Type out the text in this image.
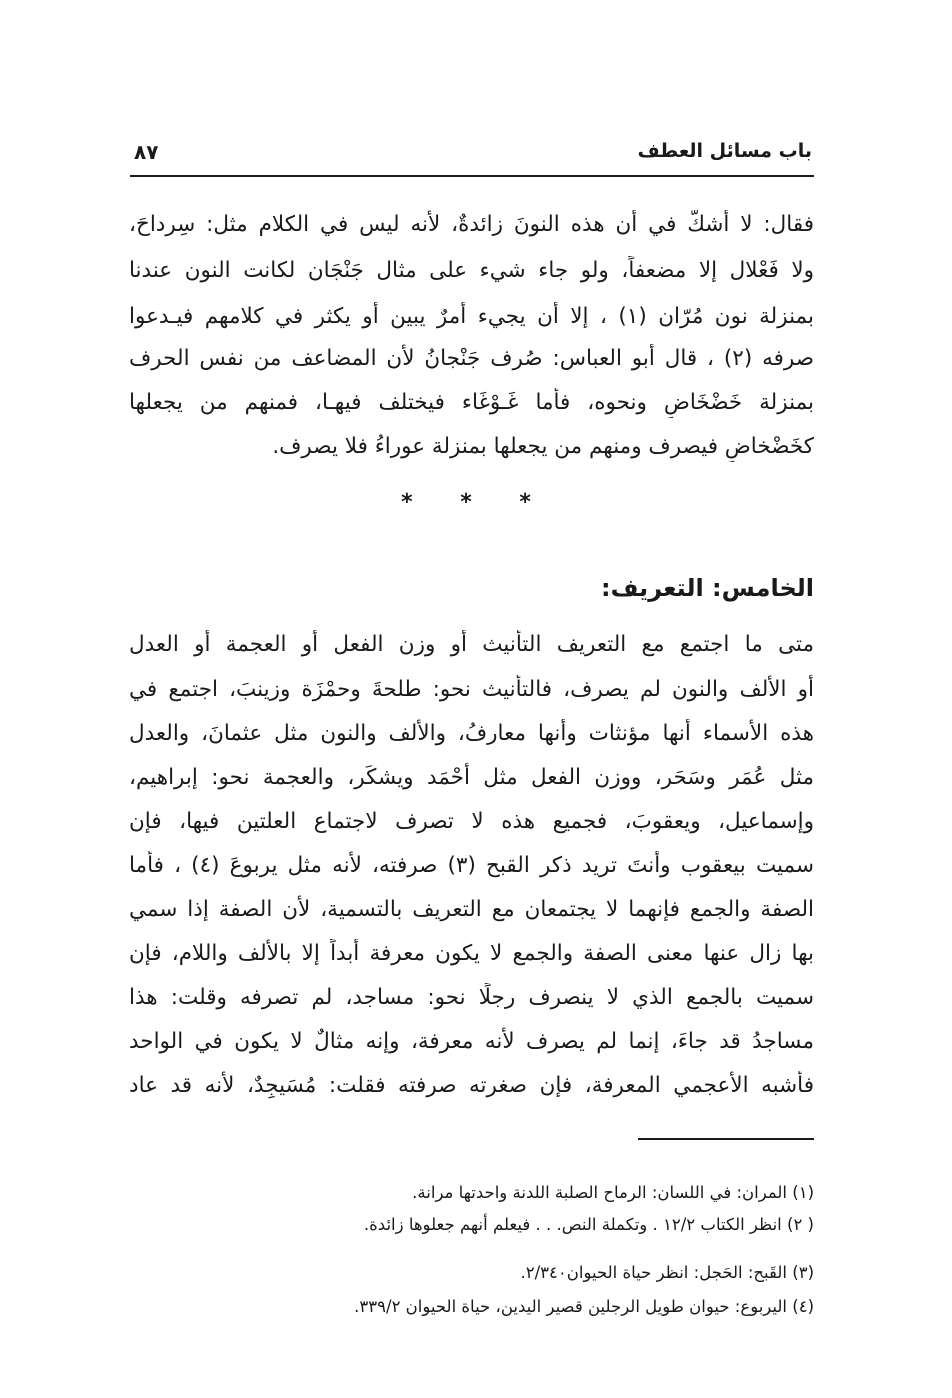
باب مسائل العطف
٨٧
فقال: لا أشكُّ في أن هذه النونَ زائدةٌ، لأنه ليس في الكلام مثل: سِرداحَ،
ولا فَعْلال إلا مضعفاً، ولو جاء شيء على مثال جَنْجَان لكانت النون عندنا
بمنزلة نون مُرّان (١) ، إلا أن يجيء أمرٌ يبين أو يكثر في كلامهم فيـدعوا
صرفه (٢) ، قال أبو العباس: صُرف جَنْجانُ لأن المضاعف من نفس الحرف
بمنزلة خَضْخَاضٍ ونحوه، فأما غَـوْغَاء فيختلف فيهـا، فمنهم من يجعلها
كخَضْخاضٍ فيصرف ومنهم من يجعلها بمنزلة عوراءُ فلا يصرف.
* * *
الخامس: التعريف:
متى ما اجتمع مع التعريف التأنيث أو وزن الفعل أو العجمة أو العدل
أو الألف والنون لم يصرف، فالتأنيث نحو: طلحةَ وحمْزَة وزينبَ، اجتمع في
هذه الأسماء أنها مؤنثات وأنها معارفُ، والألف والنون مثل عثمانَ، والعدل
مثل عُمَر وسَحَر، ووزن الفعل مثل أَحْمَد ويشكَر، والعجمة نحو: إبراهيم،
وإسماعيل، ويعقوبَ، فجميع هذه لا تصرف لاجتماع العلتين فيها، فإن
سميت بيعقوب وأنتَ تريد ذكر القبح (٣) صرفته، لأنه مثل يربوعَ (٤) ، فأما
الصفة والجمع فإنهما لا يجتمعان مع التعريف بالتسمية، لأن الصفة إذا سمي
بها زال عنها معنى الصفة والجمع لا يكون معرفة أبداً إلا بالألف واللام، فإن
سميت بالجمع الذي لا ينصرف رجلًا نحو: مساجد، لم تصرفه وقلت: هذا
مساجدُ قد جاءَ، إنما لم يصرف لأنه معرفة، وإنه مثالٌ لا يكون في الواحد
فأشبه الأعجمي المعرفة، فإن صغرته صرفته فقلت: مُسَيجِدٌ، لأنه قد عاد
(١) المران: في اللسان: الرماح الصلبة اللدنة واحدتها مرانة.
( ٢) انظر الكتاب ١٢/٢ . وتكملة النص. . . فيعلم أنهم جعلوها زائدة.
(٣) القَبح: الحَجل: انظر حياة الحيوان٢/٣٤٠.
(٤) اليربوع: حيوان طويل الرجلين قصير اليدين، حياة الحيوان ٣٣٩/٢.
